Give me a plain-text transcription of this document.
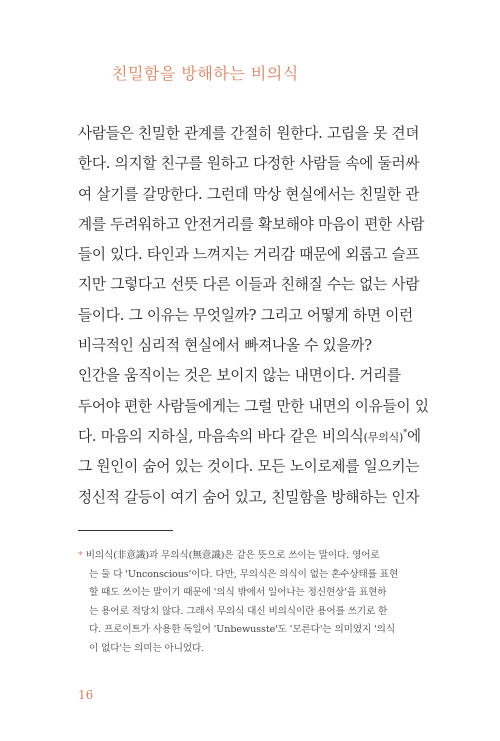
친밀함을 방해하는 비의식
사람들은 친밀한 관계를 간절히 원한다. 고립을 못 견뎌
한다. 의지할 친구를 원하고 다정한 사람들 속에 둘러싸
여 살기를 갈망한다. 그런데 막상 현실에서는 친밀한 관
계를 두려워하고 안전거리를 확보해야 마음이 편한 사람
들이 있다. 타인과 느껴지는 거리감 때문에 외롭고 슬프
지만 그렇다고 선뜻 다른 이들과 친해질 수는 없는 사람
들이다. 그 이유는 무엇일까? 그리고 어떻게 하면 이런
비극적인 심리적 현실에서 빠져나올 수 있을까?
인간을 움직이는 것은 보이지 않는 내면이다. 거리를
두어야 편한 사람들에게는 그럴 만한 내면의 이유들이 있
다. 마음의 지하실, 마음속의 바다 같은 비의식(무의식)*에
그 원인이 숨어 있는 것이다. 모든 노이로제를 일으키는
정신적 갈등이 여기 숨어 있고, 친밀함을 방해하는 인자
* 비의식(非意識)과 무의식(無意識)은 같은 뜻으로 쓰이는 말이다. 영어로
는 둘 다 'Unconscious'이다. 다만, 무의식은 의식이 없는 혼수상태를 표현
할 때도 쓰이는 말이기 때문에 '의식 밖에서 일어나는 정신현상'을 표현하
는 용어로 적당치 않다. 그래서 무의식 대신 비의식이란 용어를 쓰기로 한
다. 프로이트가 사용한 독일어 'Unbewusste'도 '모른다'는 의미였지 '의식
이 없다'는 의미는 아니었다.
16
